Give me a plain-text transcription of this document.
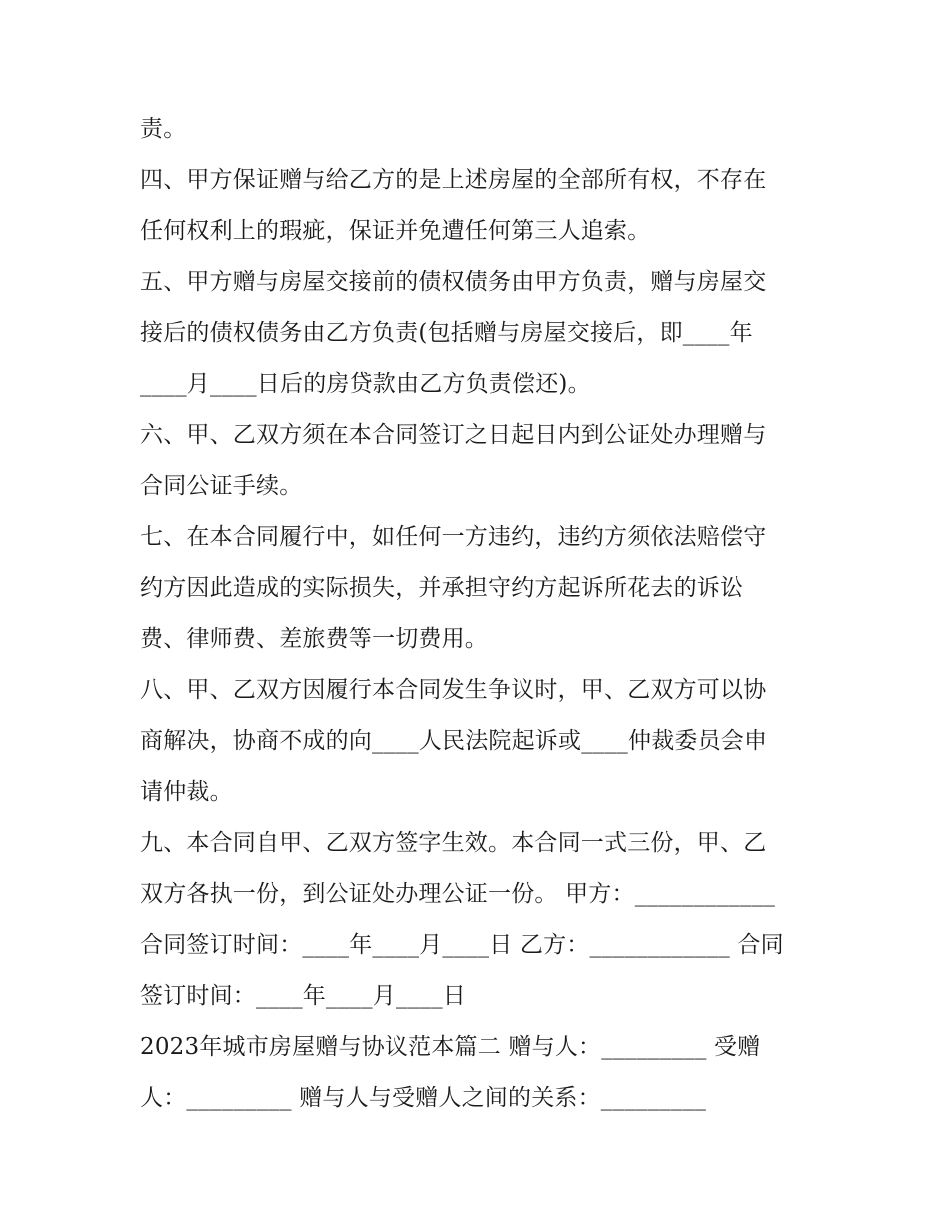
责。
四、甲方保证赠与给乙方的是上述房屋的全部所有权，不存在
任何权利上的瑕疵，保证并免遭任何第三人追索。
五、甲方赠与房屋交接前的债权债务由甲方负责，赠与房屋交
接后的债权债务由乙方负责(包括赠与房屋交接后，即____年
____月____日后的房贷款由乙方负责偿还)。
六、甲、乙双方须在本合同签订之日起日内到公证处办理赠与
合同公证手续。
七、在本合同履行中，如任何一方违约，违约方须依法赔偿守
约方因此造成的实际损失，并承担守约方起诉所花去的诉讼
费、律师费、差旅费等一切费用。
八、甲、乙双方因履行本合同发生争议时，甲、乙双方可以协
商解决，协商不成的向____人民法院起诉或____仲裁委员会申
请仲裁。
九、本合同自甲、乙双方签字生效。本合同一式三份，甲、乙
双方各执一份，到公证处办理公证一份。 甲方：____________
合同签订时间：____年____月____日 乙方：____________ 合同
签订时间：____年____月____日
2023年城市房屋赠与协议范本篇二 赠与人：_________ 受赠
人：_________ 赠与人与受赠人之间的关系：_________
